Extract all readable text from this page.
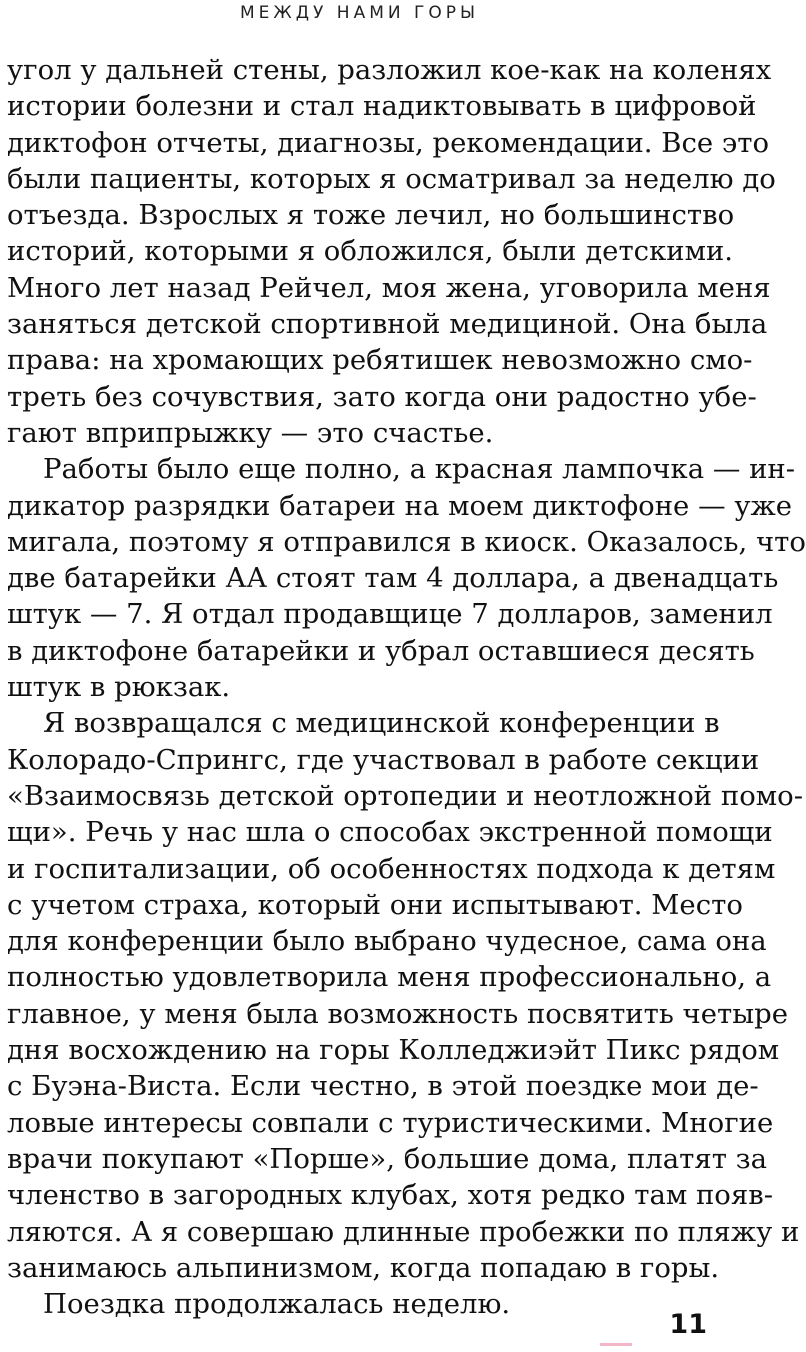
МЕЖДУ НАМИ ГОРЫ
угол у дальней стены, разложил кое-как на коленях
истории болезни и стал надиктовывать в цифровой
диктофон отчеты, диагнозы, рекомендации. Все это
были пациенты, которых я осматривал за неделю до
отъезда. Взрослых я тоже лечил, но большинство
историй, которыми я обложился, были детскими.
Много лет назад Рейчел, моя жена, уговорила меня
заняться детской спортивной медициной. Она была
права: на хромающих ребятишек невозможно смо-
треть без сочувствия, зато когда они радостно убе-
гают вприпрыжку — это счастье.
Работы было еще полно, а красная лампочка — ин-
дикатор разрядки батареи на моем диктофоне — уже
мигала, поэтому я отправился в киоск. Оказалось, что
две батарейки АА стоят там 4 доллара, а двенадцать
штук — 7. Я отдал продавщице 7 долларов, заменил
в диктофоне батарейки и убрал оставшиеся десять
штук в рюкзак.
Я возвращался с медицинской конференции в
Колорадо-Спрингс, где участвовал в работе секции
«Взаимосвязь детской ортопедии и неотложной помо-
щи». Речь у нас шла о способах экстренной помощи
и госпитализации, об особенностях подхода к детям
с учетом страха, который они испытывают. Место
для конференции было выбрано чудесное, сама она
полностью удовлетворила меня профессионально, а
главное, у меня была возможность посвятить четыре
дня восхождению на горы Колледжиэйт Пикс рядом
с Буэна-Виста. Если честно, в этой поездке мои де-
ловые интересы совпали с туристическими. Многие
врачи покупают «Порше», большие дома, платят за
членство в загородных клубах, хотя редко там появ-
ляются. А я совершаю длинные пробежки по пляжу и
занимаюсь альпинизмом, когда попадаю в горы.
Поездка продолжалась неделю.
11
